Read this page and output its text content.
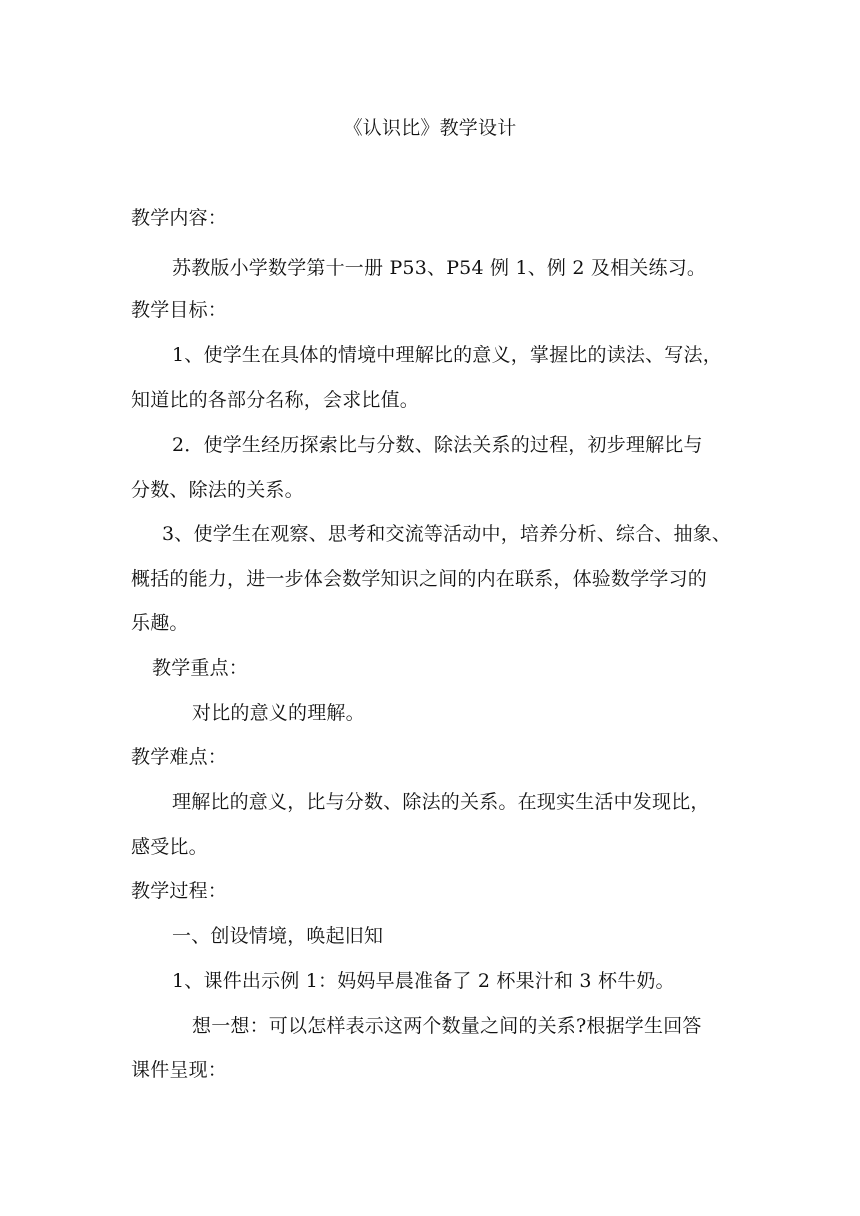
《认识比》教学设计
教学内容：
苏教版小学数学第十一册 P53、P54 例 1、例 2 及相关练习。
教学目标：
1、使学生在具体的情境中理解比的意义，掌握比的读法、写法，
知道比的各部分名称，会求比值。
2．使学生经历探索比与分数、除法关系的过程，初步理解比与
分数、除法的关系。
3、使学生在观察、思考和交流等活动中，培养分析、综合、抽象、
概括的能力，进一步体会数学知识之间的内在联系，体验数学学习的
乐趣。
教学重点：
对比的意义的理解。
教学难点：
理解比的意义，比与分数、除法的关系。在现实生活中发现比，
感受比。
教学过程：
一、创设情境，唤起旧知
1、课件出示例 1：妈妈早晨准备了 2 杯果汁和 3 杯牛奶。
想一想：可以怎样表示这两个数量之间的关系?根据学生回答
课件呈现：
